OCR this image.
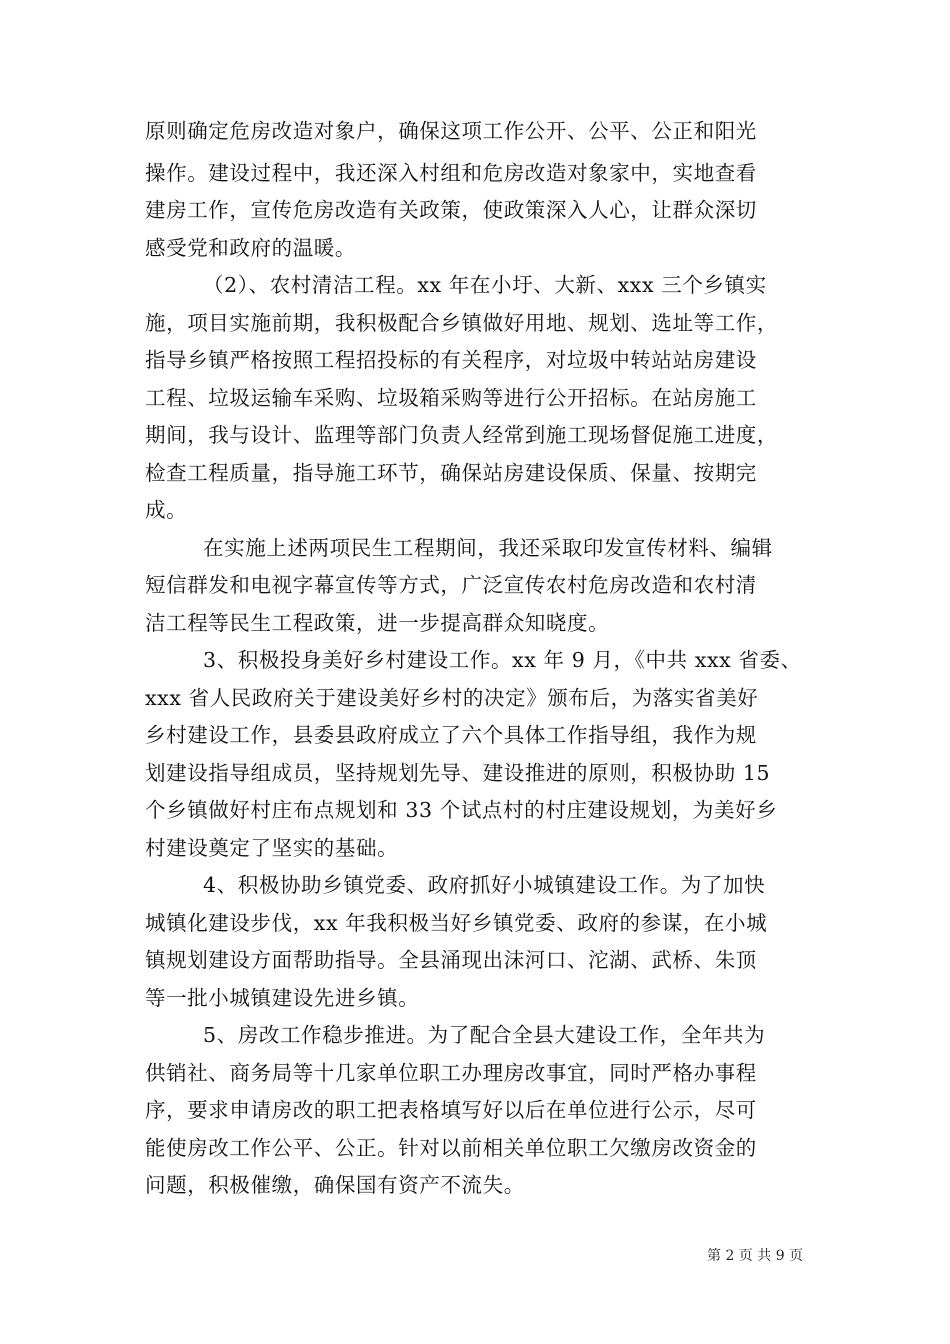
原则确定危房改造对象户，确保这项工作公开、公平、公正和阳光
操作。建设过程中，我还深入村组和危房改造对象家中，实地查看
建房工作，宣传危房改造有关政策，使政策深入人心，让群众深切
感受党和政府的温暖。
（2）、农村清洁工程。xx 年在小圩、大新、xxx 三个乡镇实
施，项目实施前期，我积极配合乡镇做好用地、规划、选址等工作，
指导乡镇严格按照工程招投标的有关程序，对垃圾中转站站房建设
工程、垃圾运输车采购、垃圾箱采购等进行公开招标。在站房施工
期间，我与设计、监理等部门负责人经常到施工现场督促施工进度，
检查工程质量，指导施工环节，确保站房建设保质、保量、按期完
成。
在实施上述两项民生工程期间，我还采取印发宣传材料、编辑
短信群发和电视字幕宣传等方式，广泛宣传农村危房改造和农村清
洁工程等民生工程政策，进一步提高群众知晓度。
3、积极投身美好乡村建设工作。xx 年 9 月，《中共 xxx 省委、
xxx 省人民政府关于建设美好乡村的决定》颁布后，为落实省美好
乡村建设工作，县委县政府成立了六个具体工作指导组，我作为规
划建设指导组成员，坚持规划先导、建设推进的原则，积极协助 15
个乡镇做好村庄布点规划和 33 个试点村的村庄建设规划，为美好乡
村建设奠定了坚实的基础。
4、积极协助乡镇党委、政府抓好小城镇建设工作。为了加快
城镇化建设步伐，xx 年我积极当好乡镇党委、政府的参谋，在小城
镇规划建设方面帮助指导。全县涌现出沫河口、沱湖、武桥、朱顶
等一批小城镇建设先进乡镇。
5、房改工作稳步推进。为了配合全县大建设工作，全年共为
供销社、商务局等十几家单位职工办理房改事宜，同时严格办事程
序，要求申请房改的职工把表格填写好以后在单位进行公示，尽可
能使房改工作公平、公正。针对以前相关单位职工欠缴房改资金的
问题，积极催缴，确保国有资产不流失。
第 2 页 共 9 页
